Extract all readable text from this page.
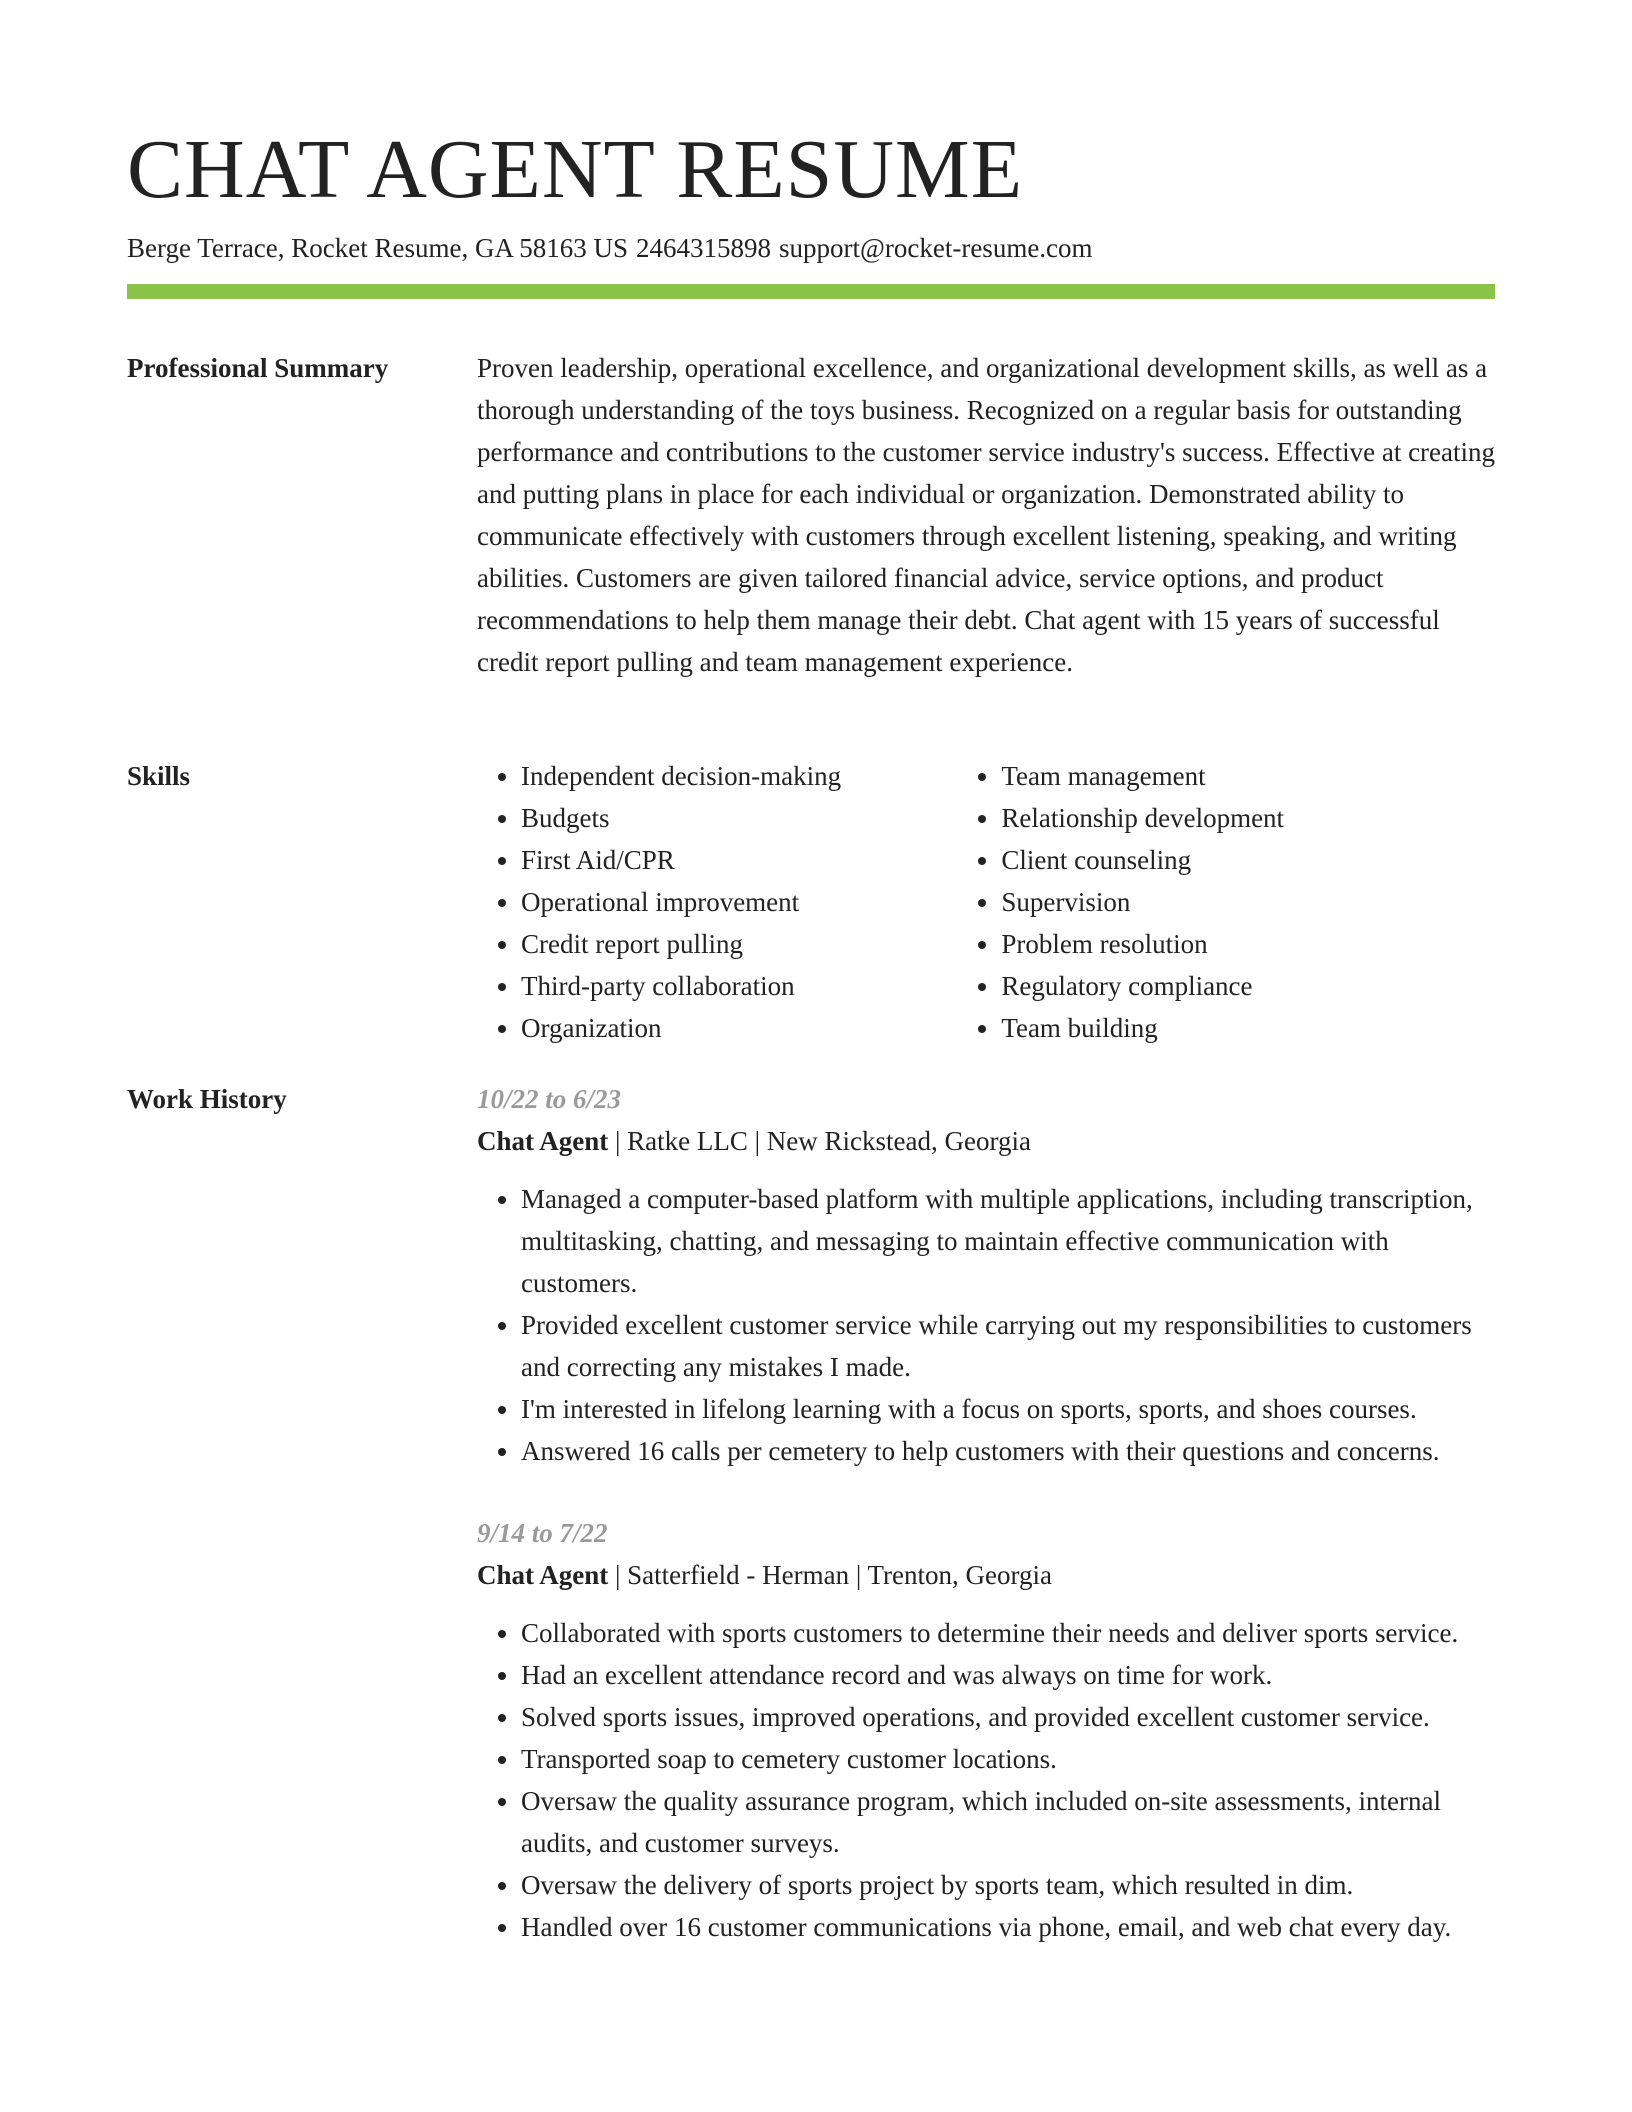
CHAT AGENT RESUME
Berge Terrace, Rocket Resume, GA 58163 US 2464315898 support@rocket-resume.com
Professional Summary	Proven leadership, operational excellence, and organizational development skills, as well as a thorough understanding of the toys business. Recognized on a regular basis for outstanding performance and contributions to the customer service industry's success. Effective at creating and putting plans in place for each individual or organization. Demonstrated ability to communicate effectively with customers through excellent listening, speaking, and writing abilities. Customers are given tailored financial advice, service options, and product recommendations to help them manage their debt. Chat agent with 15 years of successful credit report pulling and team management experience.

Skills
•	Independent decision-making
• Budgets
• First Aid/CPR
• Operational improvement
• Credit report pulling
• Third-party collaboration
• Organization
• Team management
• Relationship development
• Client counseling
• Supervision
• Problem resolution
• Regulatory compliance
• Team building
Work History	10/22 to 6/23

Chat Agent | Ratke LLC | New Rickstead, Georgia

• Managed a computer-based platform with multiple applications, including transcription, multitasking, chatting, and messaging to maintain effective communication with customers.
• Provided excellent customer service while carrying out my responsibilities to customers and correcting any mistakes I made.
• I'm interested in lifelong learning with a focus on sports, sports, and shoes courses.
• Answered 16 calls per cemetery to help customers with their questions and concerns.

9/14 to 7/22

Chat Agent | Satterfield - Herman | Trenton, Georgia

• Collaborated with sports customers to determine their needs and deliver sports service.
• Had an excellent attendance record and was always on time for work.
• Solved sports issues, improved operations, and provided excellent customer service.
• Transported soap to cemetery customer locations.
• Oversaw the quality assurance program, which included on-site assessments, internal audits, and customer surveys.
• Oversaw the delivery of sports project by sports team, which resulted in dim.
• Handled over 16 customer communications via phone, email, and web chat every day.
